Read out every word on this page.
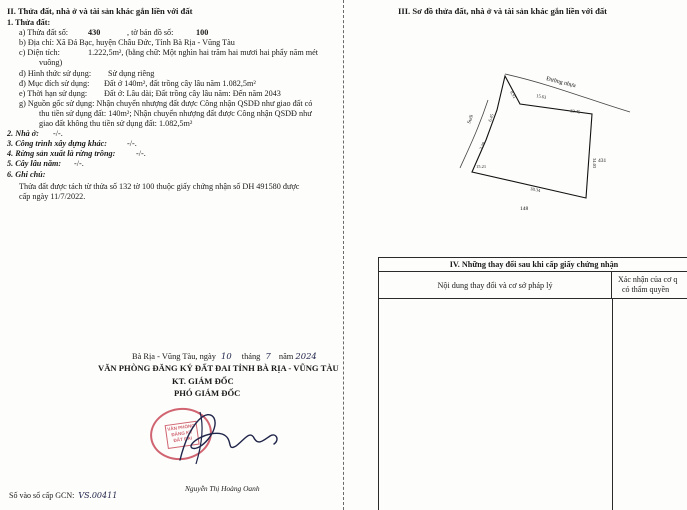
II. Thửa đất, nhà ở và tài sản khác gắn liền với đất
1. Thửa đất:
a) Thửa đất số: 430	, tờ bản đồ số:	100
b) Địa chỉ: Xã Đá Bạc, huyện Châu Đức, Tỉnh Bà Rịa - Vũng Tàu
c) Diện tích:	1.222,5m², (bằng chữ: Một nghìn hai trăm hai mươi hai phẩy năm mét
vuông)
d) Hình thức sử dụng: Sử dụng riêng
đ) Mục đích sử dụng: Đất ở 140m², đất trồng cây lâu năm 1.082,5m²
e) Thời hạn sử dụng: Đất ở: Lâu dài; Đất trồng cây lâu năm: Đến năm 2043
g) Nguồn gốc sử dụng: Nhận chuyển nhượng đất được Công nhận QSDĐ như giao đất có
thu tiền sử dụng đất: 140m²; Nhận chuyển nhượng đất được Công nhận QSDĐ như
giao đất không thu tiền sử dụng đất: 1.082,5m²
2. Nhà ở: -/-.
3. Công trình xây dựng khác: -/-.
4. Rừng sản xuất là rừng trồng:	-/-.
5. Cây lâu năm: -/-.
6. Ghi chú:
Thửa đất được tách từ thửa số 132 tờ 100 thuộc giấy chứng nhận số DH 491580 được
cấp ngày 11/7/2022.
Bà Rịa - Vũng Tàu, ngày 10 tháng 7 năm 2024
VĂN PHÒNG ĐĂNG KÝ ĐẤT ĐAI TỈNH BÀ RỊA - VŨNG TÀU
KT. GIÁM ĐỐC
PHÓ GIÁM ĐỐC
VĂN PHÒNG ĐĂNG KÝ ĐẤT ĐAI
Nguyễn Thị Hoàng Oanh
Số vào sổ cấp GCN: VS.00411
III. Sơ đồ thửa đất, nhà ở và tài sản khác gắn liền với đất
15.63
32.45
34.03
38.34
8.91
6.45
3.38
15.21
Đường nhựa
Suối
431
148
IV. Những thay đổi sau khi cấp giấy chứng nhận
Nội dung thay đổi và cơ sở pháp lý
Xác nhận của cơ q
có thẩm quyền
